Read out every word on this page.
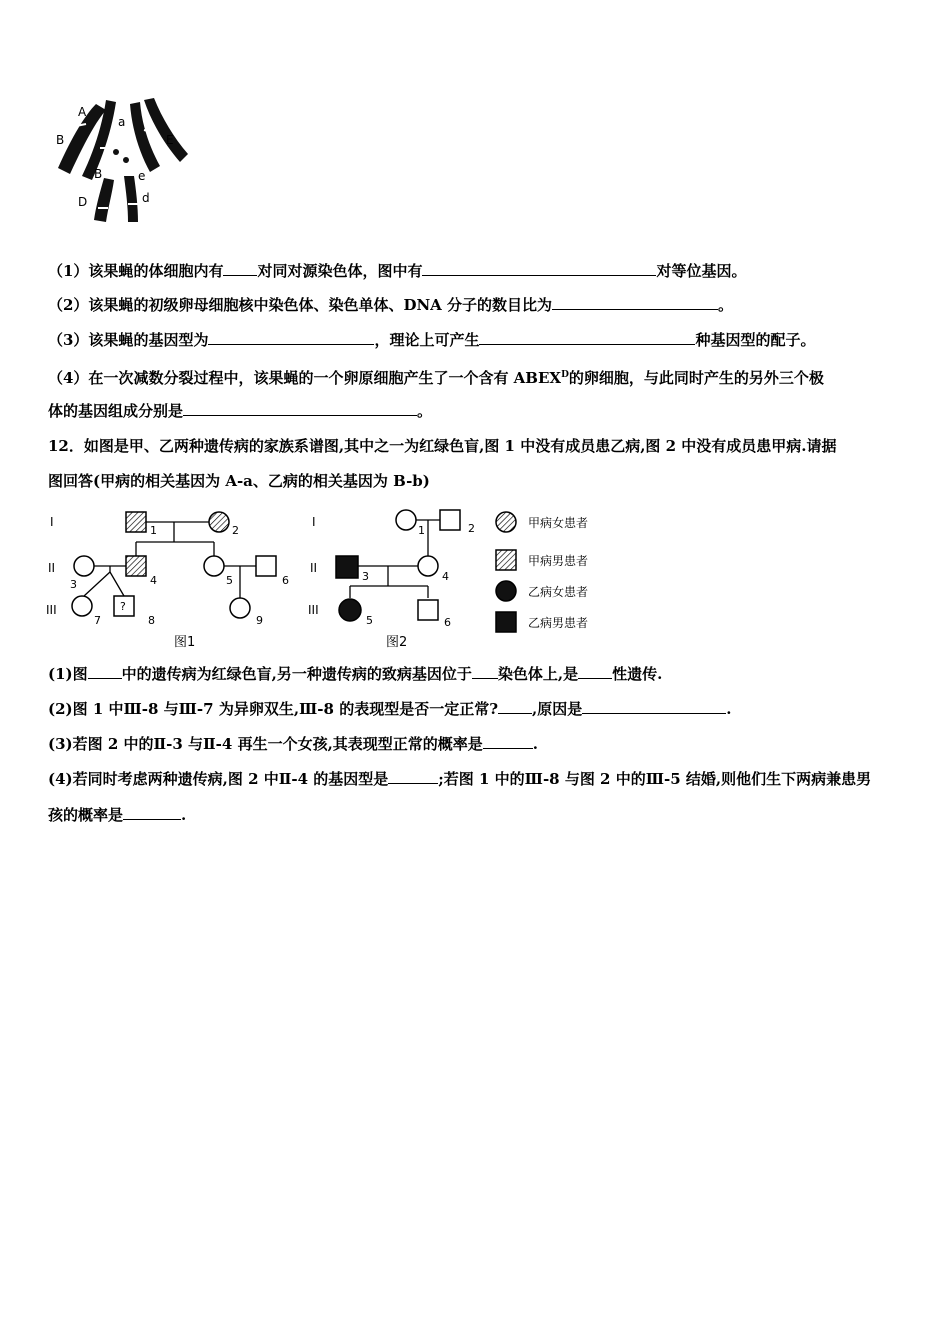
A
a
B	E
B	e
D	d
（1）该果蝇的体细胞内有 对同对源染色体，图中有	对等位基因。
（2）该果蝇的初级卵母细胞核中染色体、染色单体、DNA 分子的数目比为	。
（3）该果蝇的基因型为	，理论上可产生	种基因型的配子。
（4）在一次减数分裂过程中，该果蝇的一个卵原细胞产生了一个含有 $ABEX^D$的卵细胞，与此同时产生的另外三个极
体的基因组成分别是	。
12．如图是甲、乙两种遗传病的家族系谱图,其中之一为红绿色盲,图 1 中没有成员患乙病,图 2 中没有成员患甲病.请据
图回答(甲病的相关基因为 A-a、乙病的相关基因为 B-b)
I
II
III
1	2
3	4	5	6
?
7	8	9
图1
I
II
III
1	2
3	4
5	6
图2
甲病女患者
甲病男患者
乙病女患者
乙病男患者
(1)图 中的遗传病为红绿色盲,另一种遗传病的致病基因位于 染色体上,是 性遗传.
(2)图 1 中Ⅲ-8 与Ⅲ-7 为异卵双生,Ⅲ-8 的表现型是否一定正常? ,原因是	.
(3)若图 2 中的Ⅱ-3 与Ⅱ-4 再生一个女孩,其表现型正常的概率是	.
(4)若同时考虑两种遗传病,图 2 中Ⅱ-4 的基因型是	;若图 1 中的Ⅲ-8 与图 2 中的Ⅲ-5 结婚,则他们生下两病兼患男
孩的概率是	.
